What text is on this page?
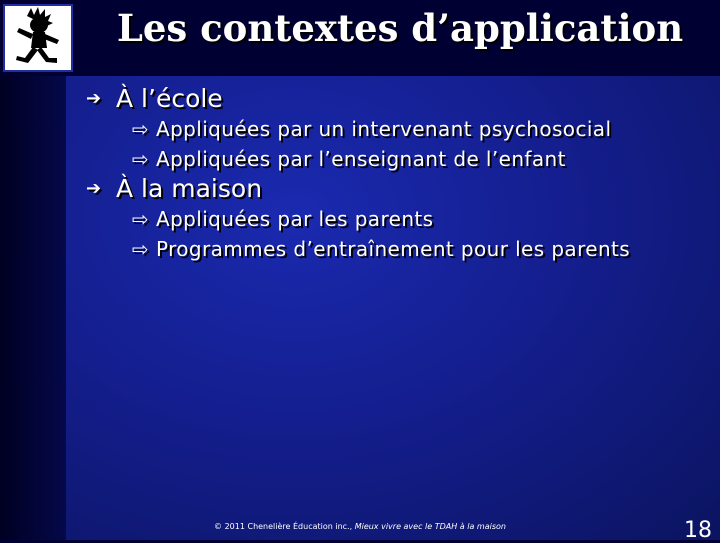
Les contextes d’application
➔ À l’école
⇨ Appliquées par un intervenant psychosocial
⇨ Appliquées par l’enseignant de l’enfant
➔ À la maison
⇨ Appliquées par les parents
⇨ Programmes d’entraînement pour les parents
© 2011 Chenelière Éducation inc., Mieux vivre avec le TDAH à la maison	18
